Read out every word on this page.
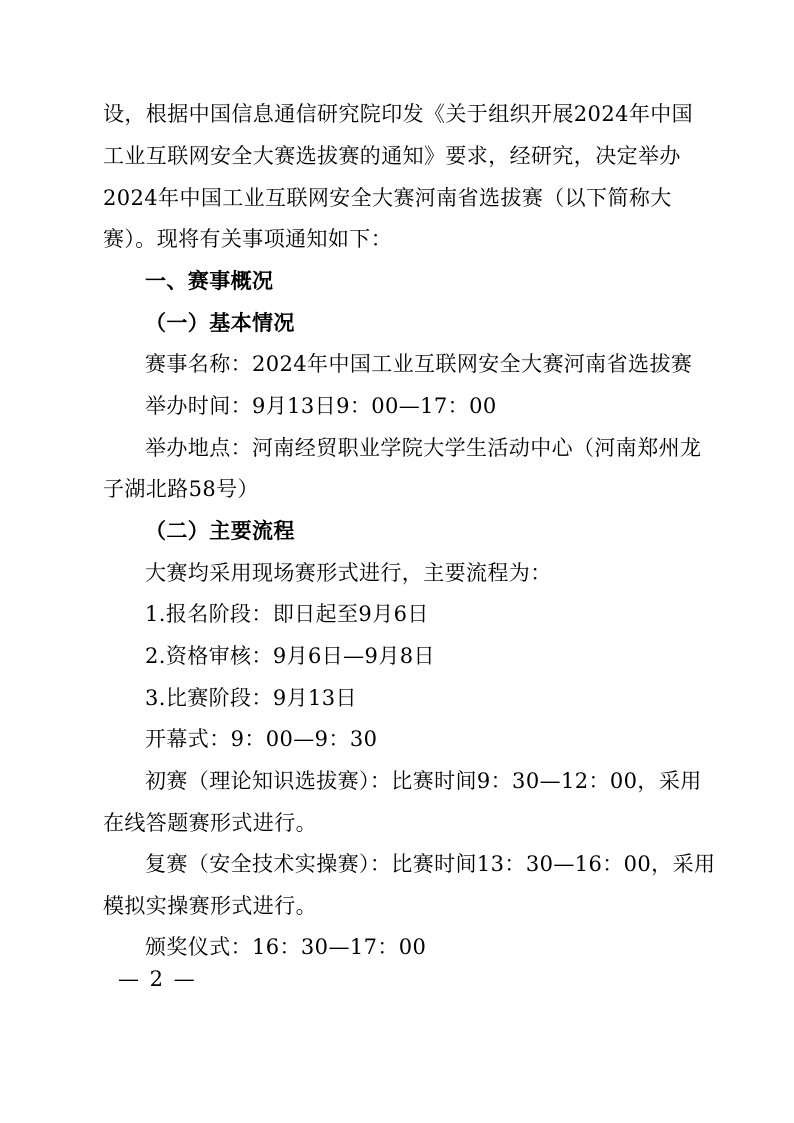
设，根据中国信息通信研究院印发《关于组织开展2024年中国
工业互联网安全大赛选拔赛的通知》要求，经研究，决定举办
2024年中国工业互联网安全大赛河南省选拔赛（以下简称大
赛）。现将有关事项通知如下：
一、赛事概况
（一）基本情况
赛事名称：2024年中国工业互联网安全大赛河南省选拔赛
举办时间：9月13日9：00—17：00
举办地点：河南经贸职业学院大学生活动中心（河南郑州龙
子湖北路58号）
（二）主要流程
大赛均采用现场赛形式进行，主要流程为：
1.报名阶段：即日起至9月6日
2.资格审核：9月6日—9月8日
3.比赛阶段：9月13日
开幕式：9：00—9：30
初赛（理论知识选拔赛）：比赛时间9：30—12：00，采用
在线答题赛形式进行。
复赛（安全技术实操赛）：比赛时间13：30—16：00，采用
模拟实操赛形式进行。
颁奖仪式：16：30—17：00
— 2 —
